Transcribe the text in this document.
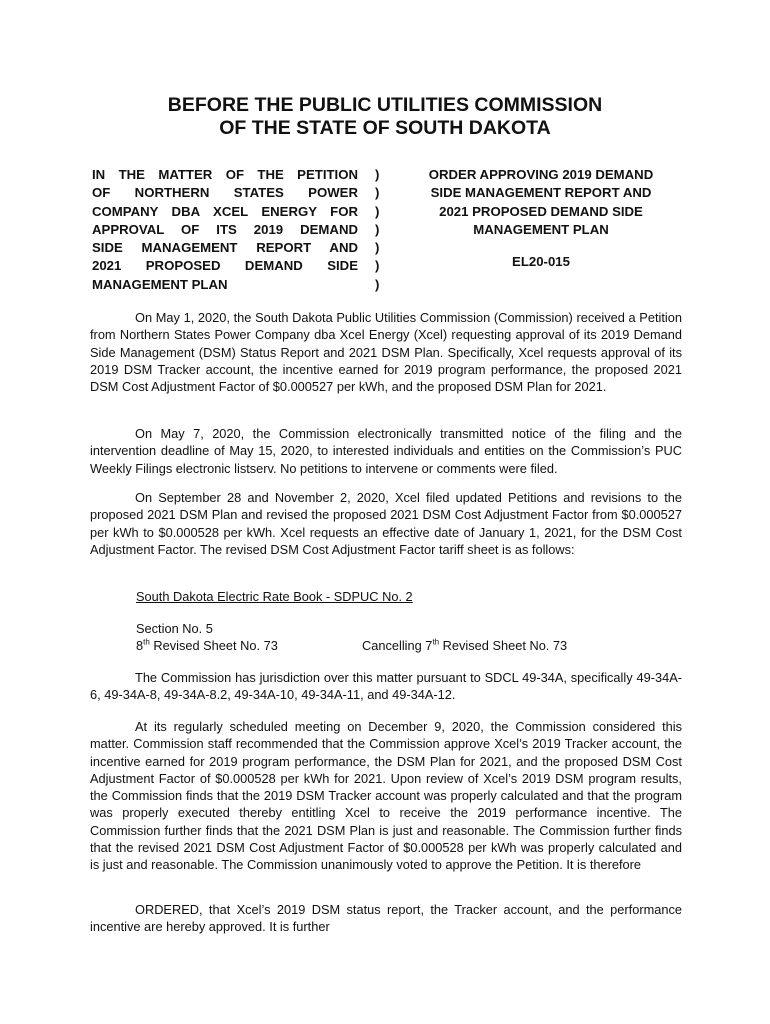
BEFORE THE PUBLIC UTILITIES COMMISSION
OF THE STATE OF SOUTH DAKOTA
IN THE MATTER OF THE PETITION
OF NORTHERN STATES POWER
COMPANY DBA XCEL ENERGY FOR
APPROVAL OF ITS 2019 DEMAND
SIDE MANAGEMENT REPORT AND
2021 PROPOSED DEMAND SIDE
MANAGEMENT PLAN
)
)
)
)
)
)
)
ORDER APPROVING 2019 DEMAND
SIDE MANAGEMENT REPORT AND
2021 PROPOSED DEMAND SIDE
MANAGEMENT PLAN
EL20-015
On May 1, 2020, the South Dakota Public Utilities Commission (Commission) received a Petition from Northern States Power Company dba Xcel Energy (Xcel) requesting approval of its 2019 Demand Side Management (DSM) Status Report and 2021 DSM Plan. Specifically, Xcel requests approval of its 2019 DSM Tracker account, the incentive earned for 2019 program performance, the proposed 2021 DSM Cost Adjustment Factor of $0.000527 per kWh, and the proposed DSM Plan for 2021.
On May 7, 2020, the Commission electronically transmitted notice of the filing and the intervention deadline of May 15, 2020, to interested individuals and entities on the Commission’s PUC Weekly Filings electronic listserv. No petitions to intervene or comments were filed.
On September 28 and November 2, 2020, Xcel filed updated Petitions and revisions to the proposed 2021 DSM Plan and revised the proposed 2021 DSM Cost Adjustment Factor from $0.000527 per kWh to $0.000528 per kWh. Xcel requests an effective date of January 1, 2021, for the DSM Cost Adjustment Factor. The revised DSM Cost Adjustment Factor tariff sheet is as follows:
South Dakota Electric Rate Book - SDPUC No. 2
Section No. 5
8th Revised Sheet No. 73	Cancelling 7th Revised Sheet No. 73
The Commission has jurisdiction over this matter pursuant to SDCL 49-34A, specifically 49-34A-6, 49-34A-8, 49-34A-8.2, 49-34A-10, 49-34A-11, and 49-34A-12.
At its regularly scheduled meeting on December 9, 2020, the Commission considered this matter. Commission staff recommended that the Commission approve Xcel’s 2019 Tracker account, the incentive earned for 2019 program performance, the DSM Plan for 2021, and the proposed DSM Cost Adjustment Factor of $0.000528 per kWh for 2021. Upon review of Xcel’s 2019 DSM program results, the Commission finds that the 2019 DSM Tracker account was properly calculated and that the program was properly executed thereby entitling Xcel to receive the 2019 performance incentive. The Commission further finds that the 2021 DSM Plan is just and reasonable. The Commission further finds that the revised 2021 DSM Cost Adjustment Factor of $0.000528 per kWh was properly calculated and is just and reasonable. The Commission unanimously voted to approve the Petition. It is therefore
ORDERED, that Xcel’s 2019 DSM status report, the Tracker account, and the performance incentive are hereby approved. It is further
